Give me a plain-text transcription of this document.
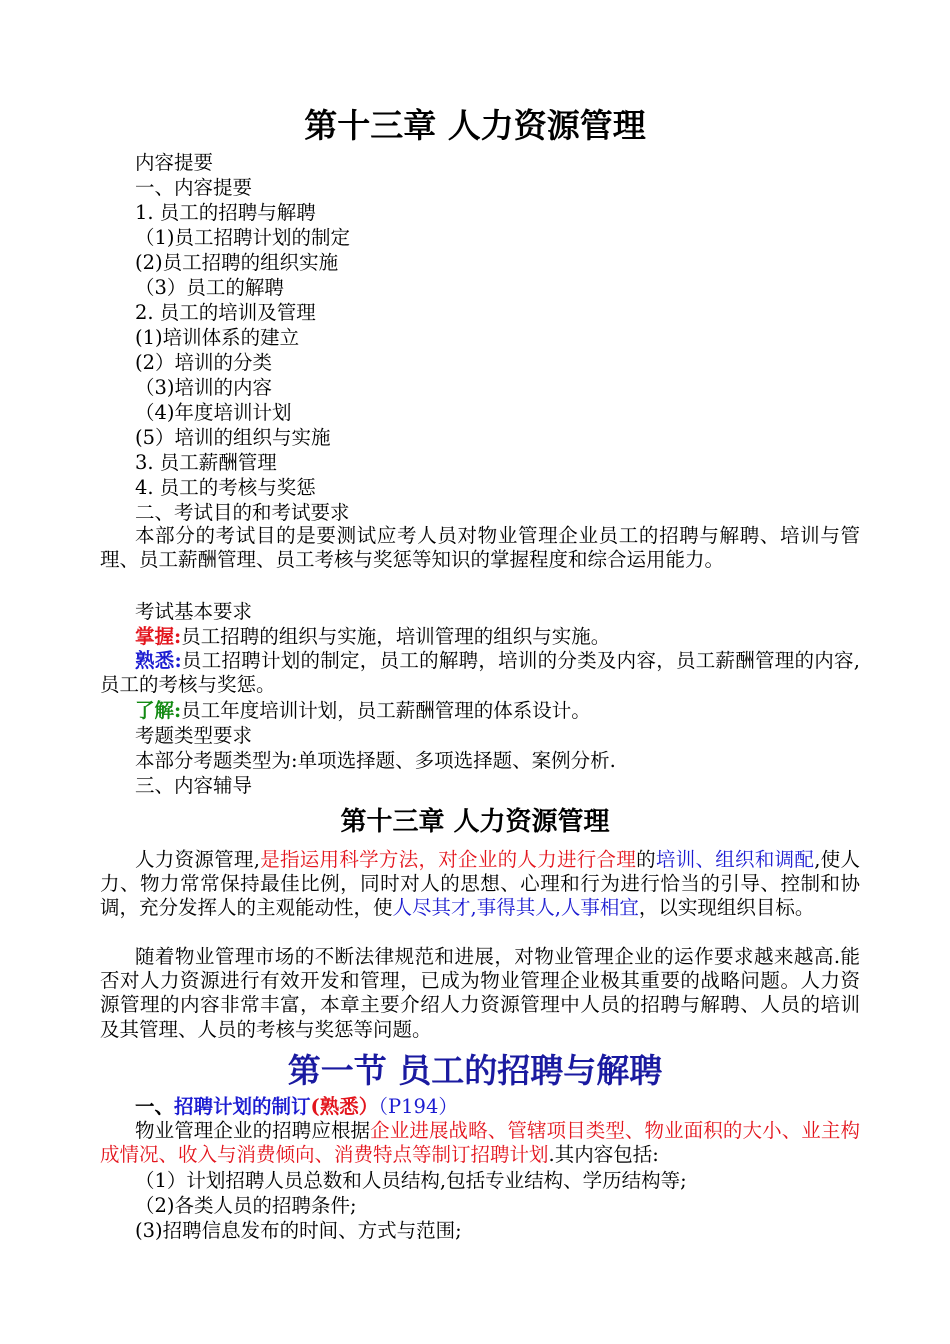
第十三章 人力资源管理
内容提要
一、内容提要
1. 员工的招聘与解聘
（1)员工招聘计划的制定
(2)员工招聘的组织实施
（3）员工的解聘
2. 员工的培训及管理
(1)培训体系的建立
(2）培训的分类
（3)培训的内容
（4)年度培训计划
(5）培训的组织与实施
3. 员工薪酬管理
4. 员工的考核与奖惩
二、考试目的和考试要求
本部分的考试目的是要测试应考人员对物业管理企业员工的招聘与解聘、培训与管理、员工薪酬管理、员工考核与奖惩等知识的掌握程度和综合运用能力。
考试基本要求
掌握:员工招聘的组织与实施，培训管理的组织与实施。
熟悉:员工招聘计划的制定，员工的解聘，培训的分类及内容，员工薪酬管理的内容,员工的考核与奖惩。
了解:员工年度培训计划，员工薪酬管理的体系设计。
考题类型要求
本部分考题类型为:单项选择题、多项选择题、案例分析.
三、内容辅导
第十三章 人力资源管理
人力资源管理,是指运用科学方法，对企业的人力进行合理的培训、组织和调配,使人力、物力常常保持最佳比例，同时对人的思想、心理和行为进行恰当的引导、控制和协调，充分发挥人的主观能动性，使人尽其才,事得其人,人事相宜，以实现组织目标。
随着物业管理市场的不断法律规范和进展，对物业管理企业的运作要求越来越高.能否对人力资源进行有效开发和管理，已成为物业管理企业极其重要的战略问题。人力资源管理的内容非常丰富，本章主要介绍人力资源管理中人员的招聘与解聘、人员的培训及其管理、人员的考核与奖惩等问题。
第一节 员工的招聘与解聘
一、招聘计划的制订(熟悉）（P194）
物业管理企业的招聘应根据企业进展战略、管辖项目类型、物业面积的大小、业主构成情况、收入与消费倾向、消费特点等制订招聘计划.其内容包括:
（1）计划招聘人员总数和人员结构,包括专业结构、学历结构等;
（2)各类人员的招聘条件;
(3)招聘信息发布的时间、方式与范围;
